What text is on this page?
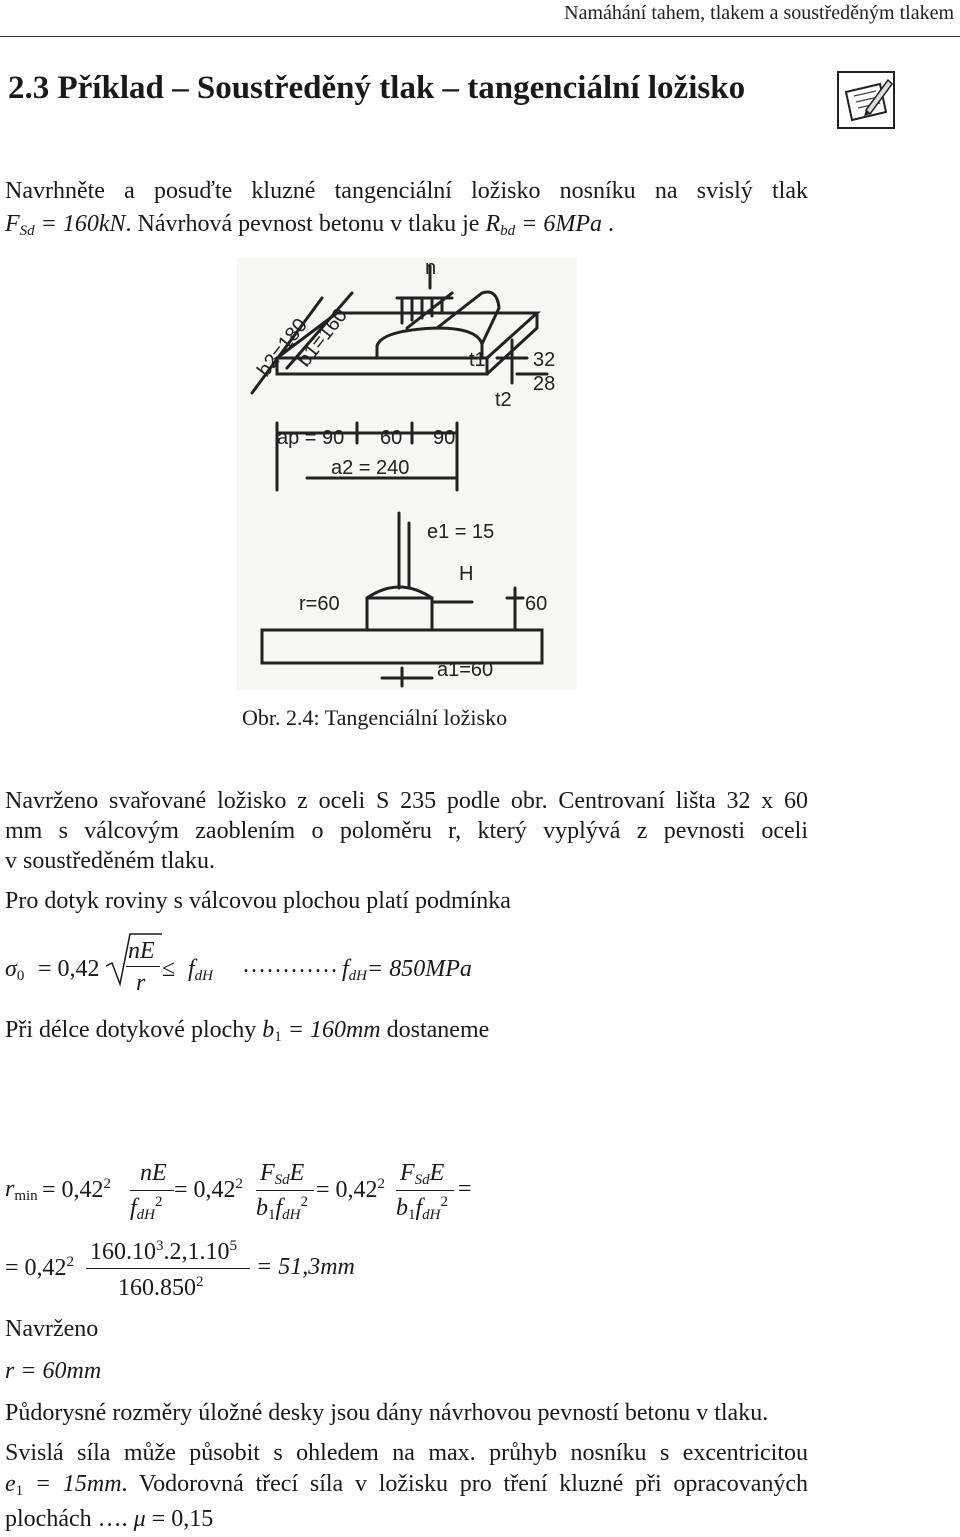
Namáhání tahem, tlakem a soustředěným tlakem
2.3 Příklad – Soustředěný tlak – tangenciální ložisko
Navrhněte a posuďte kluzné tangenciální ložisko nosníku na svislý tlak
$F_{Sd} = 160kN$. Návrhová pevnost betonu v tlaku je $R_{bd} = 6MPa$ .
n
b2=180
b1=160	t1
t2
32
28
ap = 90 60 90
a2 = 240
e1 = 15
H
r=60	60
a1=60
Obr. 2.4: Tangenciální ložisko
Navrženo svařované ložisko z oceli S 235 podle obr. Centrovaní lišta 32 x 60
mm s válcovým zaoblením o poloměru r, který vyplývá z pevnosti oceli
v soustředěném tlaku.
Pro dotyk roviny s válcovou plochou platí podmínka
$\sigma_0 = 0,42$
nE
r
≤ $f_{dH}$ ………… $f_{dH}= 850MPa$
Při délce dotykové plochy $b_1 = 160mm$ dostaneme
$r_{min} = 0,42^2$ nE
$f_{dH}^2 = 0,42^2$ $F_{Sd}E$
$b_1f_{dH}^2 = 0,42^2$ $F_{Sd}E$
$b_1f_{dH}^2$ =
= $0,42^2$ 160.10$^3$.2,1.10$^5$
$160.850^2$
= 51,3mm
Navrženo
r = 60mm
Půdorysné rozměry úložné desky jsou dány návrhovou pevností betonu v tlaku.
Svislá síla může působit s ohledem na max. průhyb nosníku s excentricitou
$e_1 = 15mm$. Vodorovná třecí síla v ložisku pro tření kluzné při opracovaných
plochách …. μ = 0,15
